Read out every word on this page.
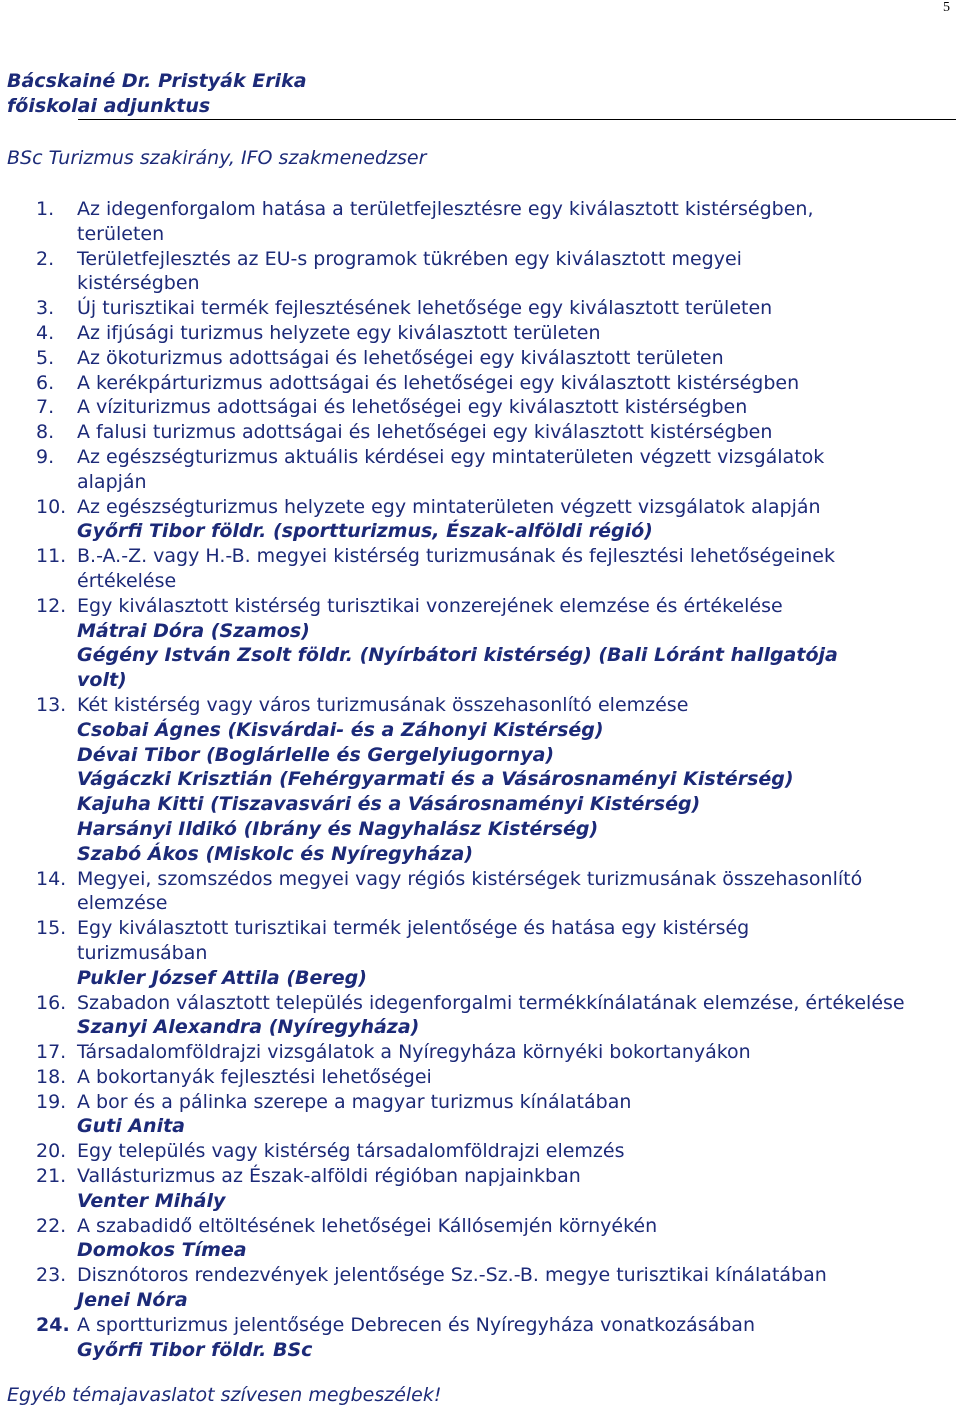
5
Bácskainé Dr. Pristyák Erika
főiskolai adjunktus
BSc Turizmus szakirány, IFO szakmenedzser
1. Az idegenforgalom hatása a területfejlesztésre egy kiválasztott kistérségben,
területen
2. Területfejlesztés az EU-s programok tükrében egy kiválasztott megyei
kistérségben
3. Új turisztikai termék fejlesztésének lehetősége egy kiválasztott területen
4. Az ifjúsági turizmus helyzete egy kiválasztott területen
5. Az ökoturizmus adottságai és lehetőségei egy kiválasztott területen
6. A kerékpárturizmus adottságai és lehetőségei egy kiválasztott kistérségben
7. A víziturizmus adottságai és lehetőségei egy kiválasztott kistérségben
8. A falusi turizmus adottságai és lehetőségei egy kiválasztott kistérségben
9. Az egészségturizmus aktuális kérdései egy mintaterületen végzett vizsgálatok
alapján
10. Az egészségturizmus helyzete egy mintaterületen végzett vizsgálatok alapján
Győrfi Tibor földr. (sportturizmus, Észak-alföldi régió)
11. B.-A.-Z. vagy H.-B. megyei kistérség turizmusának és fejlesztési lehetőségeinek
értékelése
12. Egy kiválasztott kistérség turisztikai vonzerejének elemzése és értékelése
Mátrai Dóra (Szamos)
Gégény István Zsolt földr. (Nyírbátori kistérség) (Bali Lóránt hallgatója
volt)
13. Két kistérség vagy város turizmusának összehasonlító elemzése
Csobai Ágnes (Kisvárdai- és a Záhonyi Kistérség)
Dévai Tibor (Boglárlelle és Gergelyiugornya)
Vágáczki Krisztián (Fehérgyarmati és a Vásárosnaményi Kistérség)
Kajuha Kitti (Tiszavasvári és a Vásárosnaményi Kistérség)
Harsányi Ildikó (Ibrány és Nagyhalász Kistérség)
Szabó Ákos (Miskolc és Nyíregyháza)
14. Megyei, szomszédos megyei vagy régiós kistérségek turizmusának összehasonlító
elemzése
15. Egy kiválasztott turisztikai termék jelentősége és hatása egy kistérség
turizmusában
Pukler József Attila (Bereg)
16. Szabadon választott település idegenforgalmi termékkínálatának elemzése, értékelése
Szanyi Alexandra (Nyíregyháza)
17. Társadalomföldrajzi vizsgálatok a Nyíregyháza környéki bokortanyákon
18. A bokortanyák fejlesztési lehetőségei
19. A bor és a pálinka szerepe a magyar turizmus kínálatában
Guti Anita
20. Egy település vagy kistérség társadalomföldrajzi elemzés
21. Vallásturizmus az Észak-alföldi régióban napjainkban
Venter Mihály
22. A szabadidő eltöltésének lehetőségei Kállósemjén környékén
Domokos Tímea
23. Disznótoros rendezvények jelentősége Sz.-Sz.-B. megye turisztikai kínálatában
Jenei Nóra
24. A sportturizmus jelentősége Debrecen és Nyíregyháza vonatkozásában
Győrfi Tibor földr. BSc
Egyéb témajavaslatot szívesen megbeszélek!
